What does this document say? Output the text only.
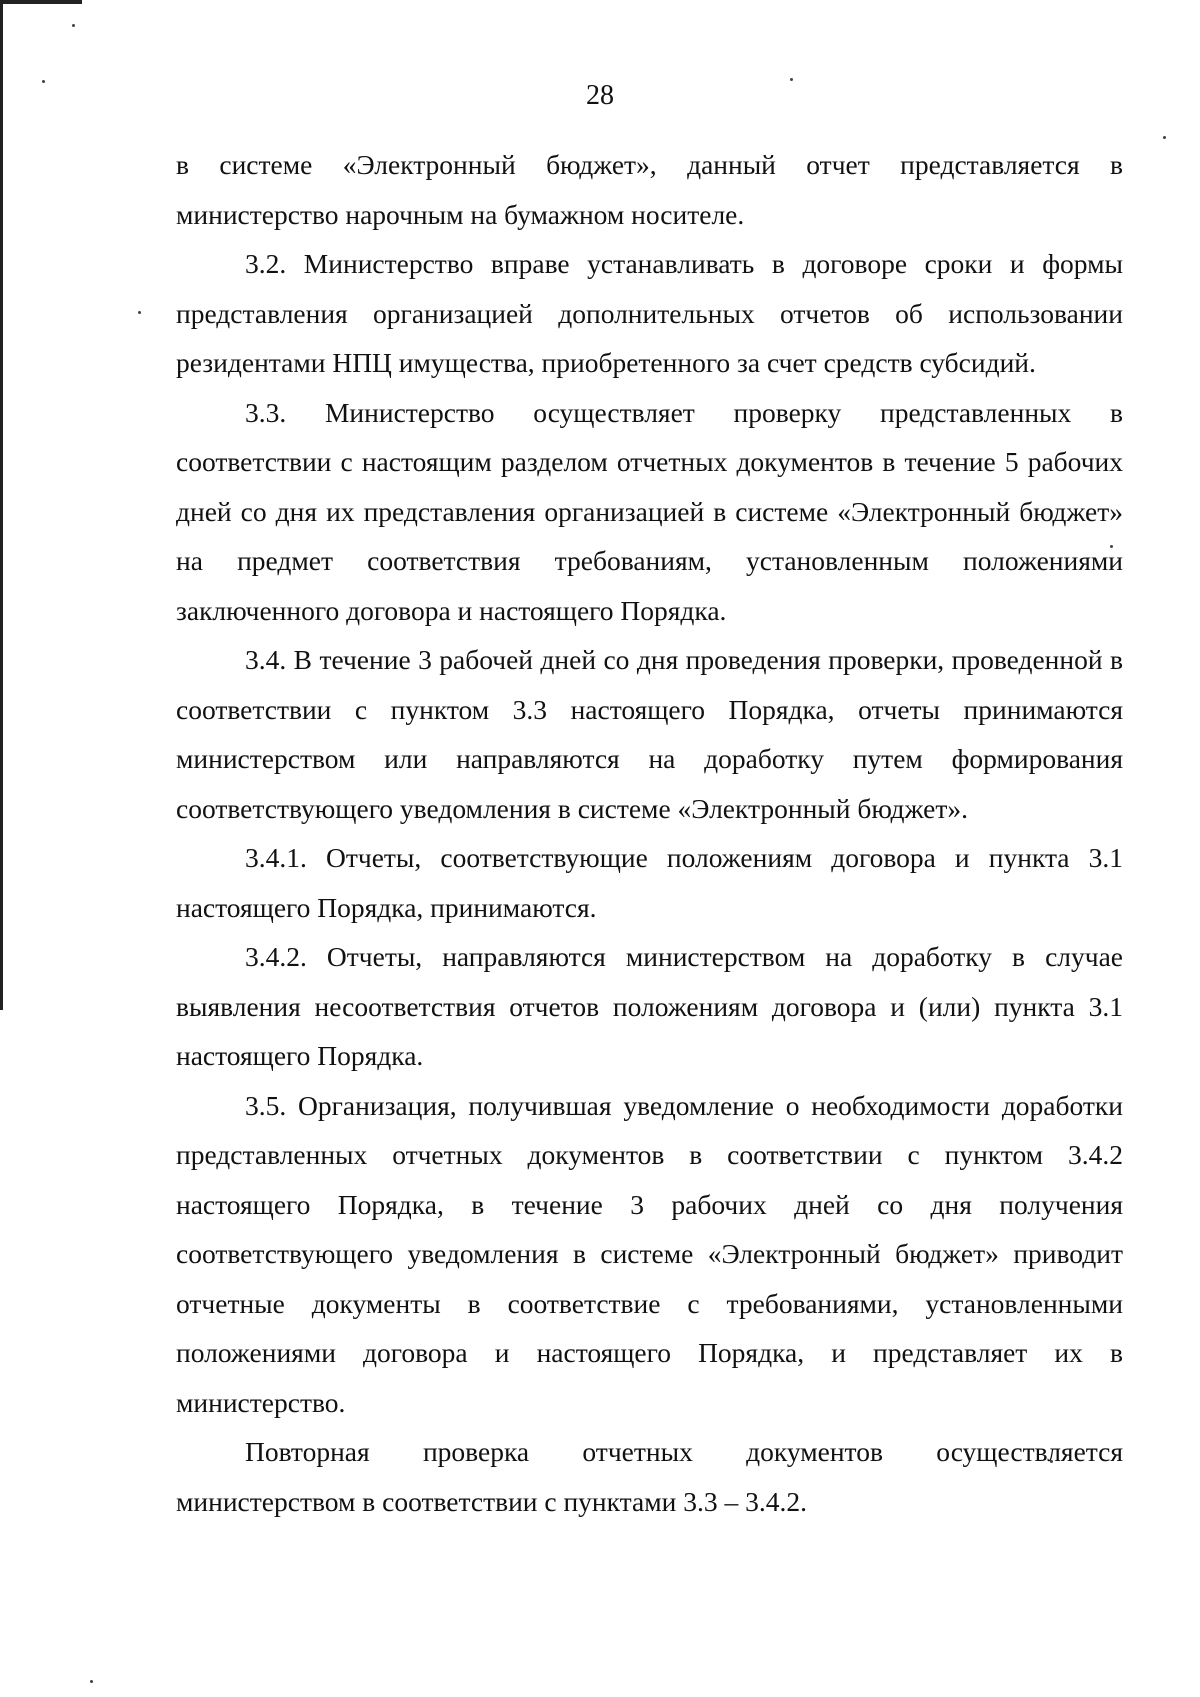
28

в системе «Электронный бюджет», данный отчет представляется в министерство нарочным на бумажном носителе.

3.2. Министерство вправе устанавливать в договоре сроки и формы представления организацией дополнительных отчетов об использовании резидентами НПЦ имущества, приобретенного за счет средств субсидий.

3.3. Министерство осуществляет проверку представленных в соответствии с настоящим разделом отчетных документов в течение 5 рабочих дней со дня их представления организацией в системе «Электронный бюджет» на предмет соответствия требованиям, установленным положениями заключенного договора и настоящего Порядка.

3.4. В течение 3 рабочей дней со дня проведения проверки, проведенной в соответствии с пунктом 3.3 настоящего Порядка, отчеты принимаются министерством или направляются на доработку путем формирования соответствующего уведомления в системе «Электронный бюджет».

3.4.1. Отчеты, соответствующие положениям договора и пункта 3.1 настоящего Порядка, принимаются.

3.4.2. Отчеты, направляются министерством на доработку в случае выявления несоответствия отчетов положениям договора и (или) пункта 3.1 настоящего Порядка.

3.5. Организация, получившая уведомление о необходимости доработки представленных отчетных документов в соответствии с пунктом 3.4.2 настоящего Порядка, в течение 3 рабочих дней со дня получения соответствующего уведомления в системе «Электронный бюджет» приводит отчетные документы в соответствие с требованиями, установленными положениями договора и настоящего Порядка, и представляет их в министерство.

Повторная проверка отчетных документов осуществляется министерством в соответствии с пунктами 3.3 – 3.4.2.
